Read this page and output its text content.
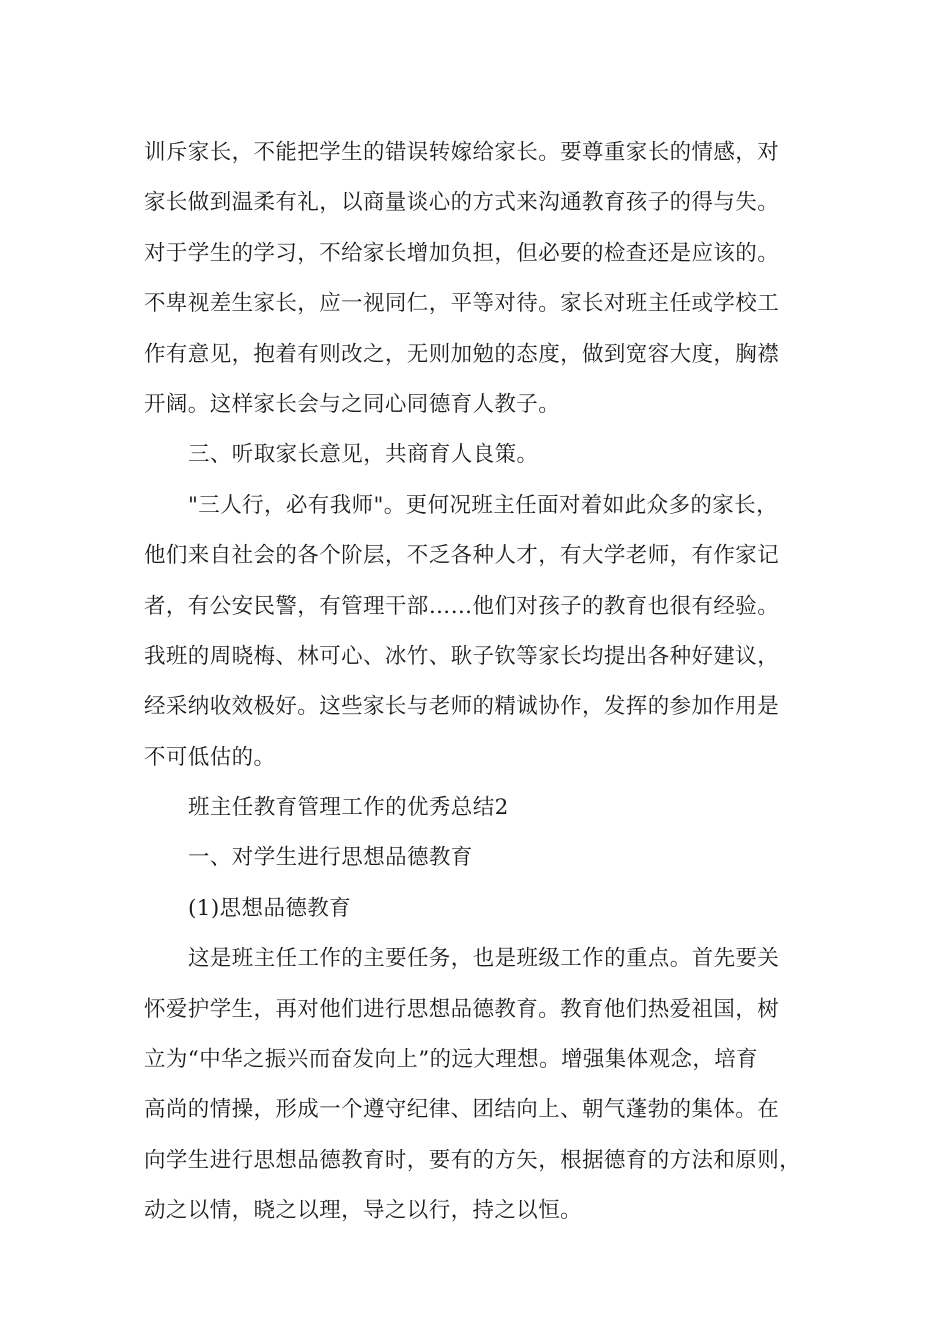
训斥家长，不能把学生的错误转嫁给家长。要尊重家长的情感，对
家长做到温柔有礼，以商量谈心的方式来沟通教育孩子的得与失。
对于学生的学习，不给家长增加负担，但必要的检查还是应该的。
不卑视差生家长，应一视同仁，平等对待。家长对班主任或学校工
作有意见，抱着有则改之，无则加勉的态度，做到宽容大度，胸襟
开阔。这样家长会与之同心同德育人教子。
三、听取家长意见，共商育人良策。
"三人行，必有我师"。更何况班主任面对着如此众多的家长，
他们来自社会的各个阶层，不乏各种人才，有大学老师，有作家记
者，有公安民警，有管理干部……他们对孩子的教育也很有经验。
我班的周晓梅、林可心、冰竹、耿子钦等家长均提出各种好建议，
经采纳收效极好。这些家长与老师的精诚协作，发挥的参加作用是
不可低估的。
班主任教育管理工作的优秀总结2
一、对学生进行思想品德教育
(1)思想品德教育
这是班主任工作的主要任务，也是班级工作的重点。首先要关
怀爱护学生，再对他们进行思想品德教育。教育他们热爱祖国，树
立为“中华之振兴而奋发向上”的远大理想。增强集体观念，培育
高尚的情操，形成一个遵守纪律、团结向上、朝气蓬勃的集体。在
向学生进行思想品德教育时，要有的方矢，根据德育的方法和原则，
动之以情，晓之以理，导之以行，持之以恒。
